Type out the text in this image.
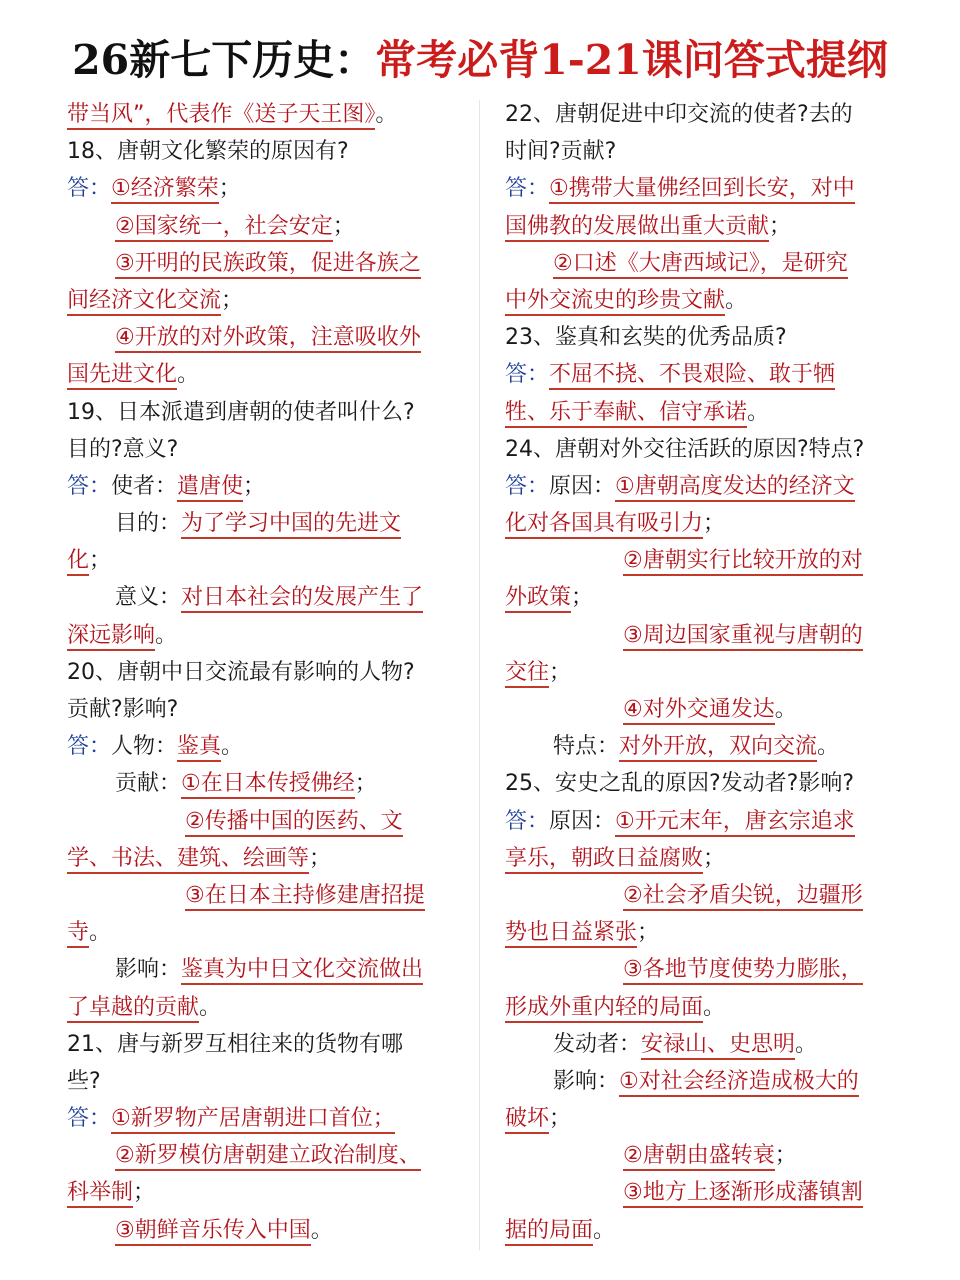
26新七下历史：常考必背1-21课问答式提纲
带当风”，代表作《送子天王图》。
18、唐朝文化繁荣的原因有?
答：①经济繁荣；
②国家统一，社会安定；
③开明的民族政策，促进各族之
间经济文化交流；
④开放的对外政策，注意吸收外
国先进文化。
19、日本派遣到唐朝的使者叫什么?
目的?意义?
答：使者：遣唐使；
目的：为了学习中国的先进文
化；
意义：对日本社会的发展产生了
深远影响。
20、唐朝中日交流最有影响的人物?
贡献?影响?
答：人物：鉴真。
贡献：①在日本传授佛经；
②传播中国的医药、文
学、书法、建筑、绘画等；
③在日本主持修建唐招提
寺。
影响：鉴真为中日文化交流做出
了卓越的贡献。
21、唐与新罗互相往来的货物有哪
些?
答：①新罗物产居唐朝进口首位；
②新罗模仿唐朝建立政治制度、
科举制；
③朝鲜音乐传入中国。
22、唐朝促进中印交流的使者?去的
时间?贡献?
答：①携带大量佛经回到长安，对中
国佛教的发展做出重大贡献；
②口述《大唐西域记》，是研究
中外交流史的珍贵文献。
23、鉴真和玄奘的优秀品质?
答：不屈不挠、不畏艰险、敢于牺
牲、乐于奉献、信守承诺。
24、唐朝对外交往活跃的原因?特点?
答：原因：①唐朝高度发达的经济文
化对各国具有吸引力；
②唐朝实行比较开放的对
外政策；
③周边国家重视与唐朝的
交往；
④对外交通发达。
特点：对外开放，双向交流。
25、安史之乱的原因?发动者?影响?
答：原因：①开元末年，唐玄宗追求
享乐，朝政日益腐败；
②社会矛盾尖锐，边疆形
势也日益紧张；
③各地节度使势力膨胀，
形成外重内轻的局面。
发动者：安禄山、史思明。
影响：①对社会经济造成极大的
破坏；
②唐朝由盛转衰；
③地方上逐渐形成藩镇割
据的局面。
